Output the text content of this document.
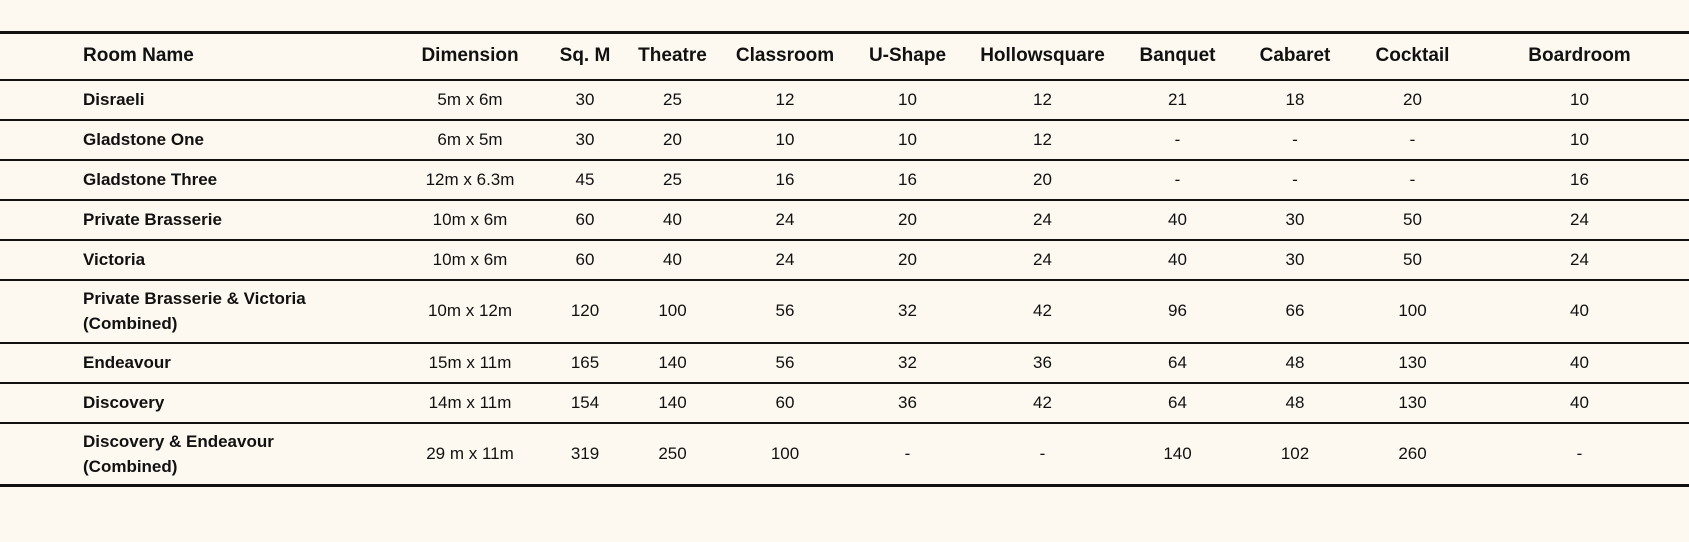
Room Name	Dimension	Sq. M	Theatre	Classroom	U-Shape	Hollowsquare	Banquet	Cabaret	Cocktail	Boardroom

Disraeli	5m x 6m	30	25	12	10	12	21	18	20	10

Gladstone One	6m x 5m	30	20	10	10	12	-	-	-	10

Gladstone Three	12m x 6.3m	45	25	16	16	20	-	-	-	16

Private Brasserie	10m x 6m	60	40	24	20	24	40	30	50	24

Victoria	10m x 6m	60	40	24	20	24	40	30	50	24

Private Brasserie & Victoria
(Combined)	10m x 12m	120	100	56	32	42	96	66	100	40

Endeavour	15m x 11m	165	140	56	32	36	64	48	130	40

Discovery	14m x 11m	154	140	60	36	42	64	48	130	40

Discovery & Endeavour
(Combined)	29 m x 11m	319	250	100	-	-	140	102	260	-
